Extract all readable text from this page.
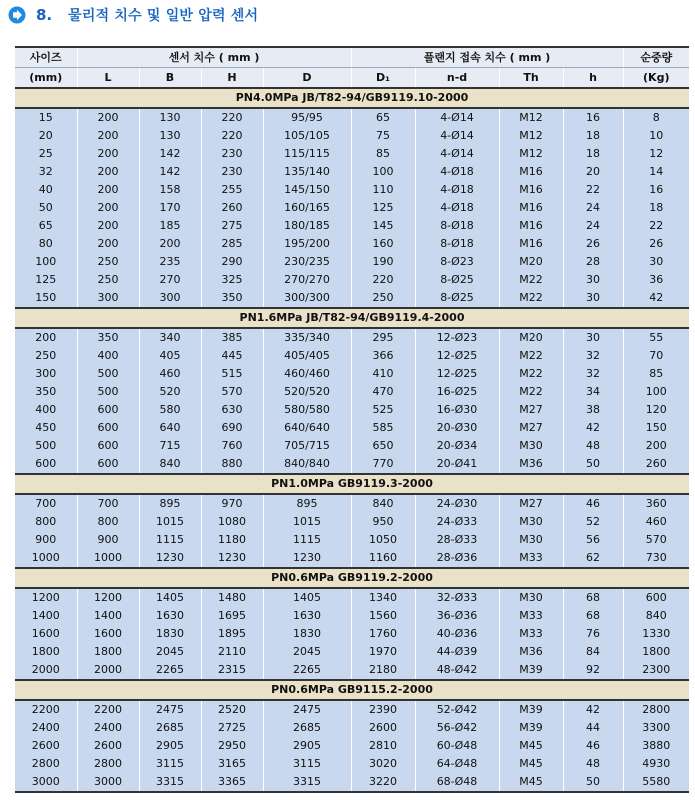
8. 물리적 치수 및 일반 압력 센서
사이즈	센서 치수 ( mm )				플랜지 접속 치수 ( mm )				순중량
(mm)	L	B	H	D	D₁	n-d	Th	h	(Kg)
PN4.0MPa JB/T82-94/GB9119.10-2000									
15	200	130	220	95/95	65	4-Ø14	M12	16	8
20	200	130	220	105/105	75	4-Ø14	M12	18	10
25	200	142	230	115/115	85	4-Ø14	M12	18	12
32	200	142	230	135/140	100	4-Ø18	M16	20	14
40	200	158	255	145/150	110	4-Ø18	M16	22	16
50	200	170	260	160/165	125	4-Ø18	M16	24	18
65	200	185	275	180/185	145	8-Ø18	M16	24	22
80	200	200	285	195/200	160	8-Ø18	M16	26	26
100	250	235	290	230/235	190	8-Ø23	M20	28	30
125	250	270	325	270/270	220	8-Ø25	M22	30	36
150	300	300	350	300/300	250	8-Ø25	M22	30	42
PN1.6MPa JB/T82-94/GB9119.4-2000									
200	350	340	385	335/340	295	12-Ø23	M20	30	55
250	400	405	445	405/405	366	12-Ø25	M22	32	70
300	500	460	515	460/460	410	12-Ø25	M22	32	85
350	500	520	570	520/520	470	16-Ø25	M22	34	100
400	600	580	630	580/580	525	16-Ø30	M27	38	120
450	600	640	690	640/640	585	20-Ø30	M27	42	150
500	600	715	760	705/715	650	20-Ø34	M30	48	200
600	600	840	880	840/840	770	20-Ø41	M36	50	260
PN1.0MPa GB9119.3-2000									
700	700	895	970	895	840	24-Ø30	M27	46	360
800	800	1015	1080	1015	950	24-Ø33	M30	52	460
900	900	1115	1180	1115	1050	28-Ø33	M30	56	570
1000	1000	1230	1230	1230	1160	28-Ø36	M33	62	730
PN0.6MPa GB9119.2-2000									
1200	1200	1405	1480	1405	1340	32-Ø33	M30	68	600
1400	1400	1630	1695	1630	1560	36-Ø36	M33	68	840
1600	1600	1830	1895	1830	1760	40-Ø36	M33	76	1330
1800	1800	2045	2110	2045	1970	44-Ø39	M36	84	1800
2000	2000	2265	2315	2265	2180	48-Ø42	M39	92	2300
PN0.6MPa GB9115.2-2000									
2200	2200	2475	2520	2475	2390	52-Ø42	M39	42	2800
2400	2400	2685	2725	2685	2600	56-Ø42	M39	44	3300
2600	2600	2905	2950	2905	2810	60-Ø48	M45	46	3880
2800	2800	3115	3165	3115	3020	64-Ø48	M45	48	4930
3000	3000	3315	3365	3315	3220	68-Ø48	M45	50	5580
